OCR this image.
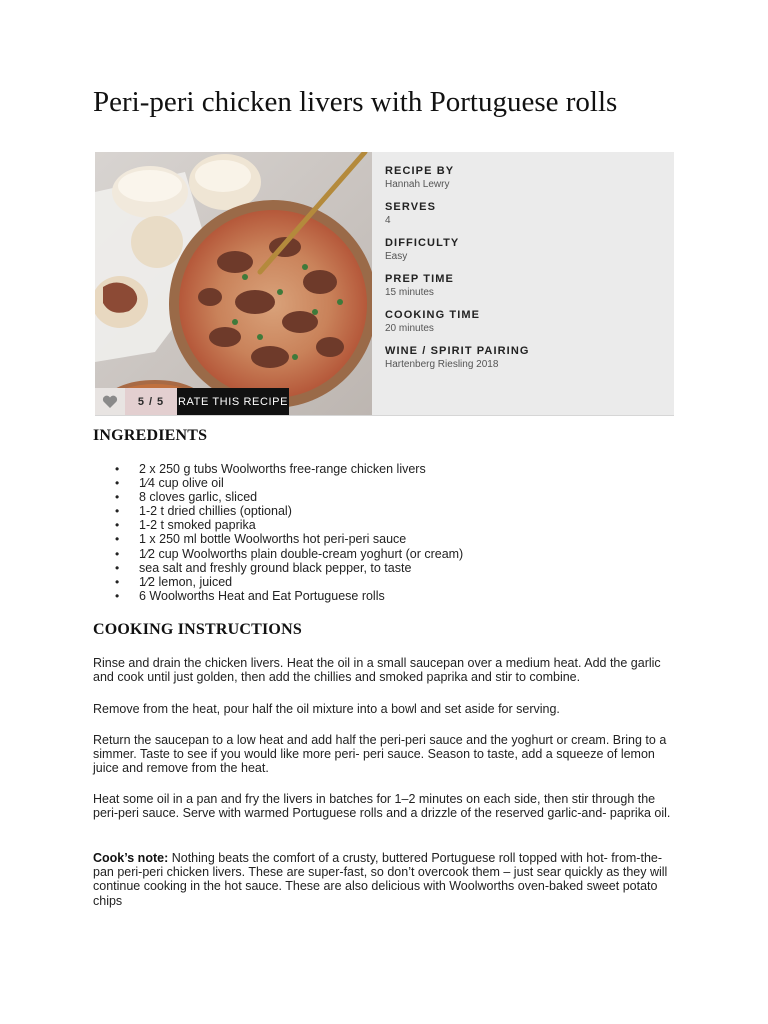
Peri-peri chicken livers with Portuguese rolls
5 / 5 RATE THIS RECIPE
RECIPE BY
Hannah Lewry
SERVES
4
DIFFICULTY
Easy
PREP TIME
15 minutes
COOKING TIME
20 minutes
WINE / SPIRIT PAIRING
Hartenberg Riesling 2018
INGREDIENTS
• 2 x 250 g tubs Woolworths free-range chicken livers
• 1⁄4 cup olive oil
• 8 cloves garlic, sliced
• 1-2 t dried chillies (optional)
• 1-2 t smoked paprika
• 1 x 250 ml bottle Woolworths hot peri-peri sauce
• 1⁄2 cup Woolworths plain double-cream yoghurt (or cream)
• sea salt and freshly ground black pepper, to taste
• 1⁄2 lemon, juiced
• 6 Woolworths Heat and Eat Portuguese rolls
COOKING INSTRUCTIONS

Rinse and drain the chicken livers. Heat the oil in a small saucepan over a medium heat. Add the garlic and cook until just golden, then add the chillies and smoked paprika and stir to combine.

Remove from the heat, pour half the oil mixture into a bowl and set aside for serving.

Return the saucepan to a low heat and add half the peri-peri sauce and the yoghurt or cream. Bring to a simmer. Taste to see if you would like more peri- peri sauce. Season to taste, add a squeeze of lemon juice and remove from the heat.

Heat some oil in a pan and fry the livers in batches for 1–2 minutes on each side, then stir through the peri-peri sauce. Serve with warmed Portuguese rolls and a drizzle of the reserved garlic-and- paprika oil.

Cook’s note: Nothing beats the comfort of a crusty, buttered Portuguese roll topped with hot- from-the-pan peri-peri chicken livers. These are super-fast, so don’t overcook them – just sear quickly as they will continue cooking in the hot sauce. These are also delicious with Woolworths oven-baked sweet potato chips
